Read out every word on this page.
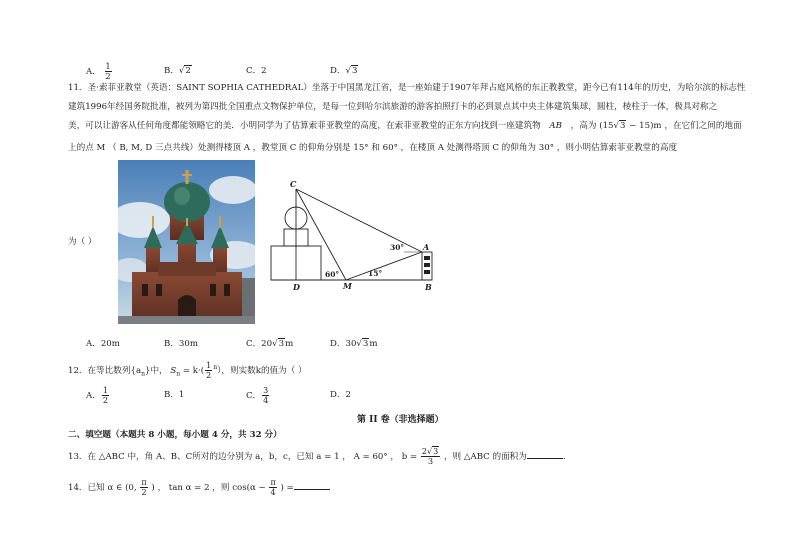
A． $\frac{1}{2}$	B．√2	C．2	D．√3
11．圣·索菲亚教堂（英语：SAINT SOPHIA CATHEDRAL）坐落于中国黑龙江省，是一座始建于1907年拜占庭风格的东正教教堂，距今已有114年的历史，为哈尔滨的标志性
建筑1996年经国务院批准，被列为第四批全国重点文物保护单位，是每一位到哈尔滨旅游的游客拍照打卡的必到景点其中央主体建筑集球，圆柱，棱柱于一体，极具对称之
美，可以让游客从任何角度都能领略它的美．小明同学为了估算索菲亚教堂的高度，在索菲亚教堂的正东方向找到一座建筑物 AB ，高为 (15√3 − 15)m ，在它们之间的地面
上的点 M （ B, M, D 三点共线）处测得楼顶 A ，教堂顶 C 的仰角分别是 15° 和 60° ，在楼顶 A 处测得塔顶 C 的仰角为 30° ，则小明估算索菲亚教堂的高度
为（ ）
C
A
B
D	M
30°
60°	15°
A．20m	B．30m	C．20√3m	D．30√3m
12．在等比数列$\{a_n\}$中， $S_n = k\cdot( \frac{1}{2} ^n)$，则实数k的值为（ ）
A． $\frac{1}{2}$	B．1	C． $\frac{3}{4}$	D．2
第 II 卷（非选择题）
二、填空题（本题共 8 小题，每小题 4 分，共 32 分）
13．在 △ABC 中，角 A、B、C所对的边分别为 a，b，c，已知 a = 1 ， A = 60° ， $b = \frac{2√3}{3}$ ，则 △ABC 的面积为	.
14．已知 α ∈ (0, $\frac{\pi}{2}$ ) ， tan α = 2 ，则 $\cos(\alpha - \frac{\pi}{4}$ ) =
